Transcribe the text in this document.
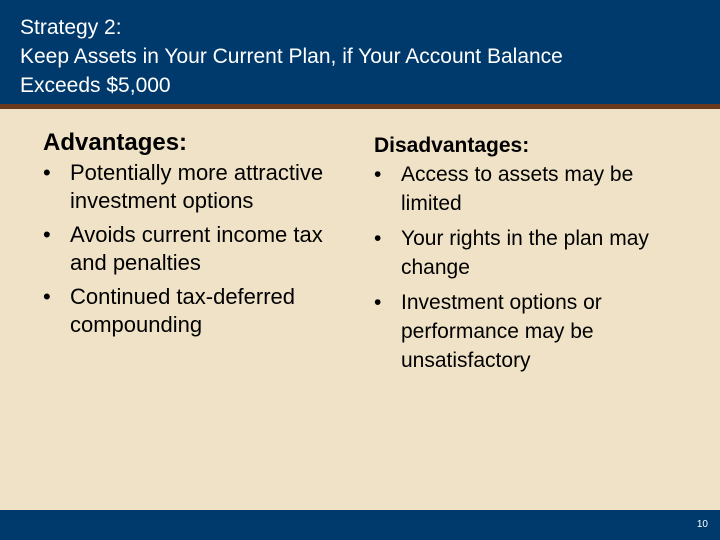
Strategy 2:
Keep Assets in Your Current Plan, if Your Account Balance
Exceeds $5,000
Advantages:
• Potentially more attractive investment options
• Avoids current income tax and penalties
• Continued tax-deferred compounding
Disadvantages:
• Access to assets may be limited
• Your rights in the plan may change
• Investment options or performance may be unsatisfactory
10
